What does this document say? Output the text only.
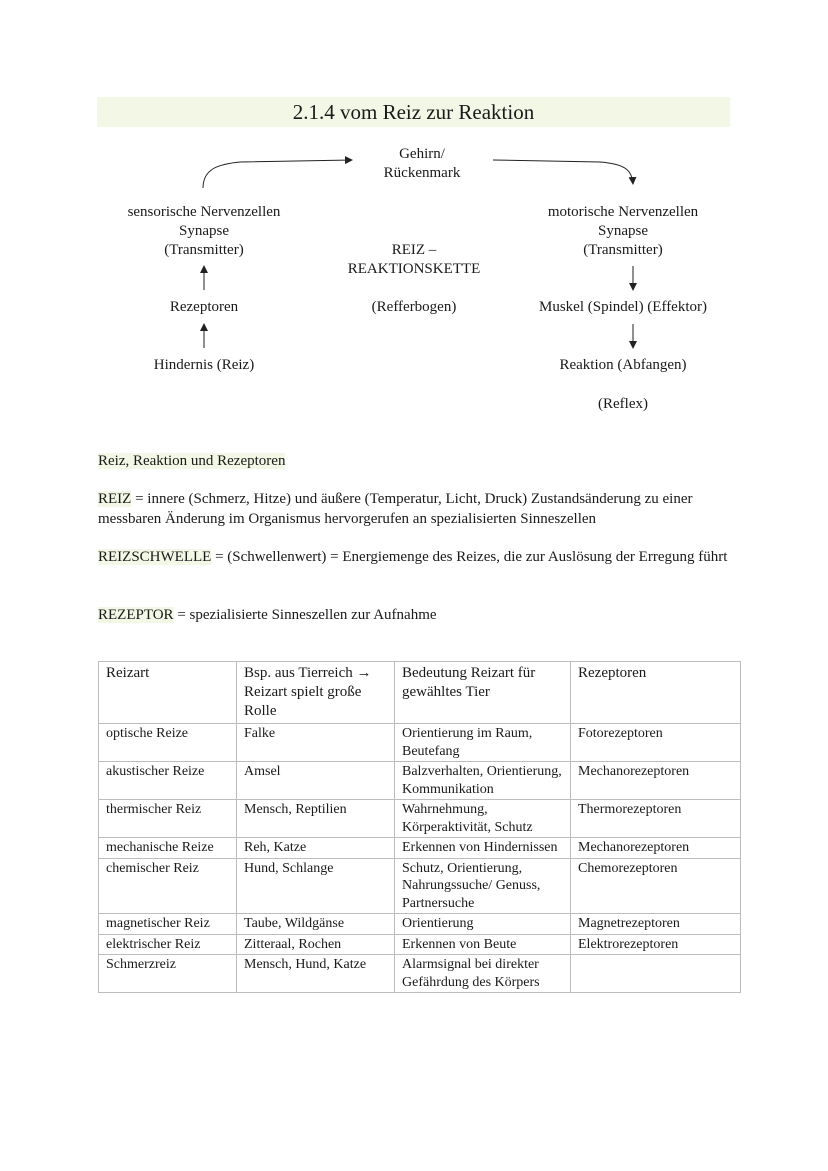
2.1.4 vom Reiz zur Reaktion
Gehirn/
Rückenmark
sensorische Nervenzellen
Synapse
(Transmitter)
Rezeptoren
Hindernis (Reiz)
REIZ –
REAKTIONSKETTE
(Refferbogen)
motorische Nervenzellen
Synapse
(Transmitter)
Muskel (Spindel) (Effektor)
Reaktion (Abfangen)
(Reflex)
Reiz, Reaktion und Rezeptoren
REIZ = innere (Schmerz, Hitze) und äußere (Temperatur, Licht, Druck) Zustandsänderung zu einer messbaren Änderung im Organismus hervorgerufen an spezialisierten Sinneszellen
REIZSCHWELLE = (Schwellenwert) = Energiemenge des Reizes, die zur Auslösung der Erregung führt
REZEPTOR = spezialisierte Sinneszellen zur Aufnahme
Reizart	Bsp. aus Tierreich → Reizart spielt große Rolle	Bedeutung Reizart für gewähltes Tier	Rezeptoren
optische Reize	Falke	Orientierung im Raum, Beutefang	Fotorezeptoren
akustischer Reize	Amsel	Balzverhalten, Orientierung, Kommunikation	Mechanorezeptoren
thermischer Reiz	Mensch, Reptilien	Wahrnehmung, Körperaktivität, Schutz	Thermorezeptoren
mechanische Reize	Reh, Katze	Erkennen von Hindernissen	Mechanorezeptoren
chemischer Reiz	Hund, Schlange	Schutz, Orientierung, Nahrungssuche/ Genuss, Partnersuche	Chemorezeptoren
magnetischer Reiz	Taube, Wildgänse	Orientierung	Magnetrezeptoren
elektrischer Reiz	Zitteraal, Rochen	Erkennen von Beute	Elektrorezeptoren
Schmerzreiz	Mensch, Hund, Katze	Alarmsignal bei direkter Gefährdung des Körpers	
